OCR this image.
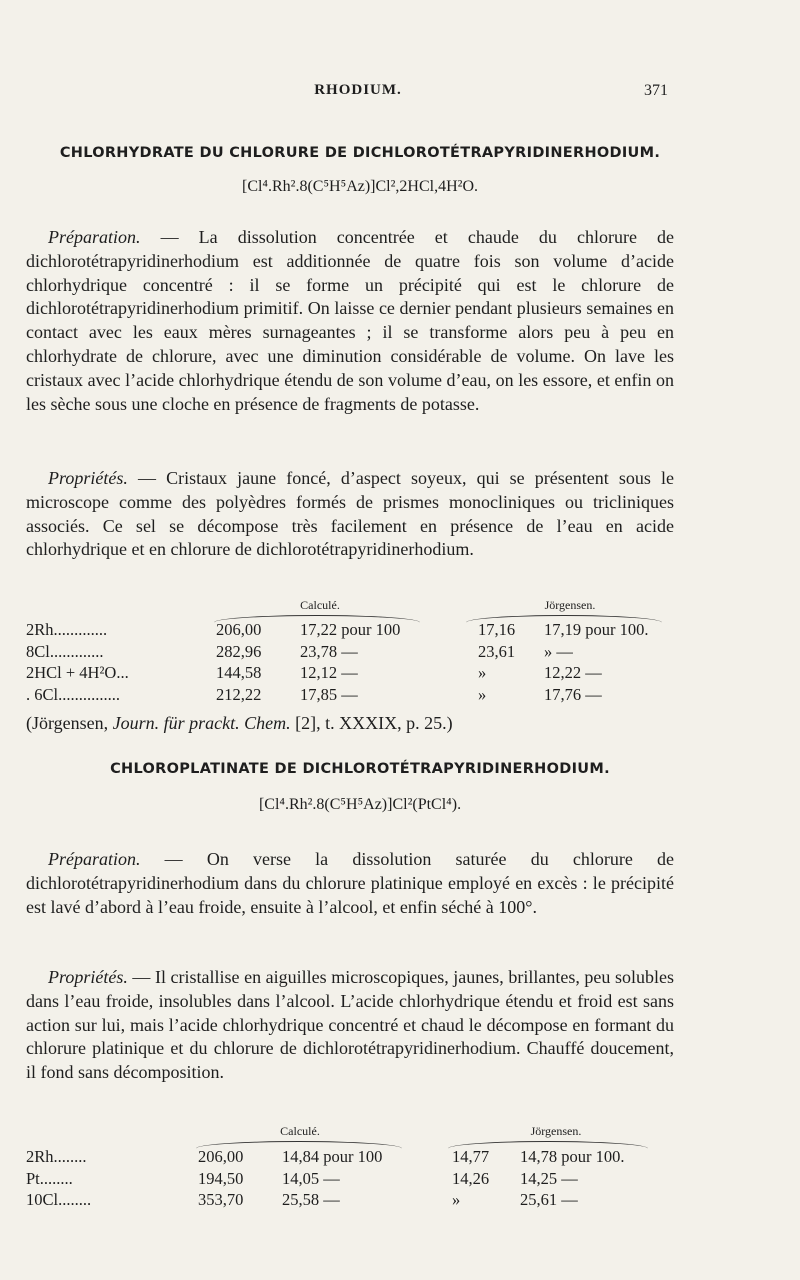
RHODIUM.	371
CHLORHYDRATE DU CHLORURE DE DICHLOROTÉTRAPYRIDINERHODIUM.
[Cl⁴.Rh².8(C⁵H⁵Az)]Cl²,2HCl,4H²O.

Préparation. — La dissolution concentrée et chaude du chlorure de dichlorotétrapyridinerhodium est additionnée de quatre fois son volume d’acide chlorhydrique concentré : il se forme un précipité qui est le chlorure de dichlorotétrapyridinerhodium primitif. On laisse ce dernier pendant plusieurs semaines en contact avec les eaux mères surnageantes ; il se transforme alors peu à peu en chlorhydrate de chlorure, avec une diminution considérable de volume. On lave les cristaux avec l’acide chlorhydrique étendu de son volume d’eau, on les essore, et enfin on les sèche sous une cloche en présence de fragments de potasse.

Propriétés. — Cristaux jaune foncé, d’aspect soyeux, qui se présentent sous le microscope comme des polyèdres formés de prismes monocliniques ou tricliniques associés. Ce sel se décompose très facilement en présence de l’eau en acide chlorhydrique et en chlorure de dichlorotétrapyridinerhodium.

Calculé.	Jörgensen.
2Rh.............	206,00 17,22 pour 100	17,16 17,19 pour 100.
8Cl.............	282,96 23,78 —	23,61 » —
2HCl + 4H²O...	144,58 12,12 —	»	12,22 —
. 6Cl...............	212,22 17,85 —	»	17,76 —
(Jörgensen, Journ. für prackt. Chem. [2], t. XXXIX, p. 25.)
CHLOROPLATINATE DE DICHLOROTÉTRAPYRIDINERHODIUM.
[Cl⁴.Rh².8(C⁵H⁵Az)]Cl²(PtCl⁴).

Préparation. — On verse la dissolution saturée du chlorure de dichlorotétrapyridinerhodium dans du chlorure platinique employé en excès : le précipité est lavé d’abord à l’eau froide, ensuite à l’alcool, et enfin séché à 100°.

Propriétés. — Il cristallise en aiguilles microscopiques, jaunes, brillantes, peu solubles dans l’eau froide, insolubles dans l’alcool. L’acide chlorhydrique étendu et froid est sans action sur lui, mais l’acide chlorhydrique concentré et chaud le décompose en formant du chlorure platinique et du chlorure de dichlorotétrapyridinerhodium. Chauffé doucement, il fond sans décomposition.

Calculé.	Jörgensen.
2Rh........	206,00 14,84 pour 100	14,77 14,78 pour 100.
Pt........	194,50 14,05 —	14,26 14,25 —
10Cl........	353,70 25,58 —	»	25,61 —
